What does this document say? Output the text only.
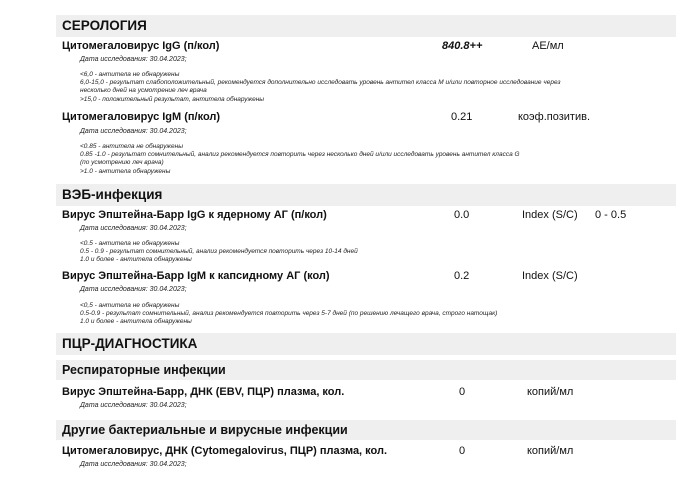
СЕРОЛОГИЯ
Цитомегаловирус IgG (п/кол)	840.8++	АЕ/мл
Дата исследования: 30.04.2023;
<6,0 - антитела не обнаружены
6,0-15,0 - результат слабоположительный, рекомендуется дополнительно исследовать уровень антител класса M и/или повторное исследование через
несколько дней на усмотрение леч врача
>15,0 - положительный результат, антитела обнаружены
Цитомегаловирус IgM (п/кол)	0.21	коэф.позитив.
Дата исследования: 30.04.2023;
<0.85 - антитела не обнаружены
0.85 -1.0 - результат сомнительный, анализ рекомендуется повторить через несколько дней и/или исследовать уровень антител класса G
(по усмотрению леч врача)
>1.0 - антитела обнаружены
ВЭБ-инфекция
Вирус Эпштейна-Барр IgG к ядерному АГ (п/кол)	0.0	Index (S/C) 0 - 0.5
Дата исследования: 30.04.2023;
<0.5 - антитела не обнаружены
0.5 - 0.9 - результат сомнительный, анализ рекомендуется повторить через 10-14 дней
1.0 и более - антитела обнаружены
Вирус Эпштейна-Барр IgM к капсидному АГ (кол)	0.2	Index (S/C)
Дата исследования: 30.04.2023;
<0,5 - антитела не обнаружены
0.5-0.9 - результат сомнительный, анализ рекомендуется повторить через 5-7 дней (по решению лечащего врача, строго натощак)
1.0 и более - антитела обнаружены
ПЦР-ДИАГНОСТИКА
Респираторные инфекции
Вирус Эпштейна-Барр, ДНК (EBV, ПЦР) плазма, кол.	0	копий/мл
Дата исследования: 30.04.2023;
Другие бактериальные и вирусные инфекции
Цитомегаловирус, ДНК (Cytomegalovirus, ПЦР) плазма, кол.	0	копий/мл
Дата исследования: 30.04.2023;
